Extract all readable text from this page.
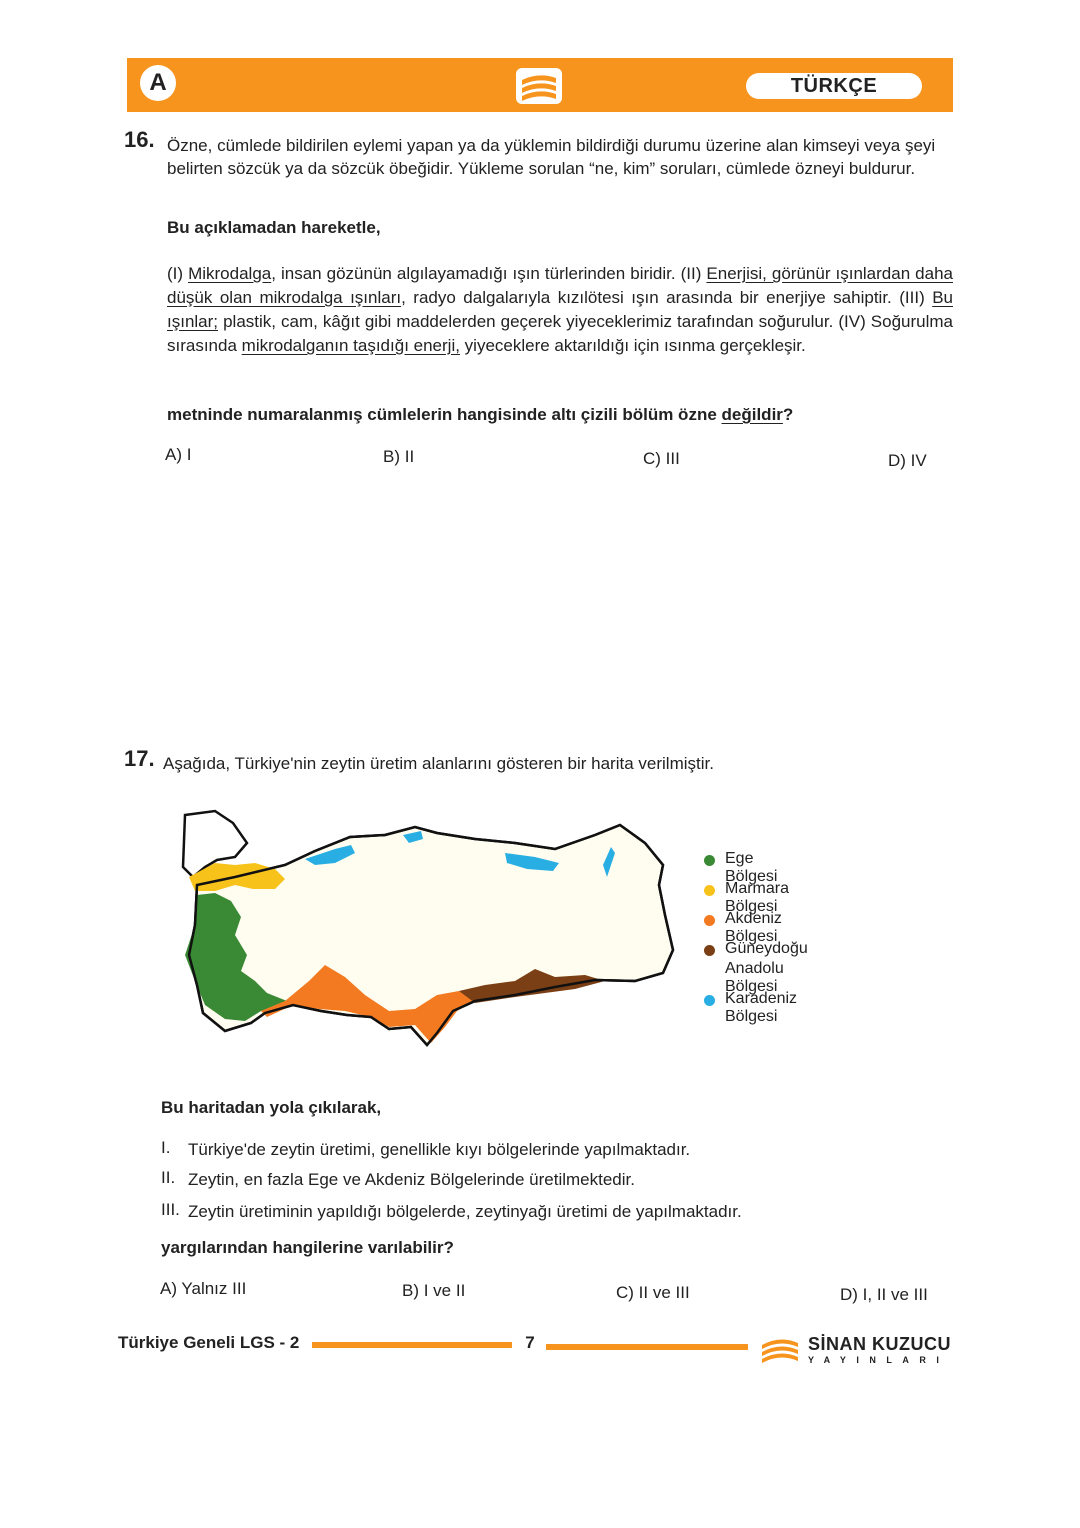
A	TÜRKÇE
16. Özne, cümlede bildirilen eylemi yapan ya da yüklemin bildirdiği durumu üzerine alan kimseyi veya şeyi belirten sözcük ya da sözcük öbeğidir. Yükleme sorulan “ne, kim” soruları, cümlede özneyi buldurur.
Bu açıklamadan hareketle,
(I) Mikrodalga, insan gözünün algılayamadığı ışın türlerinden biridir. (II) Enerjisi, görünür ışınlardan daha düşük olan mikrodalga ışınları, radyo dalgalarıyla kızılötesi ışın arasında bir enerjiye sahiptir. (III) Bu ışınlar; plastik, cam, kâğıt gibi maddelerden geçerek yiyeceklerimiz tarafından soğurulur. (IV) Soğurulma sırasında mikrodalganın taşıdığı enerji, yiyeceklere aktarıldığı için ısınma gerçekleşir.
metninde numaralanmış cümlelerin hangisinde altı çizili bölüm özne değildir?
A) I	B) II	C) III	D) IV
17. Aşağıda, Türkiye'nin zeytin üretim alanlarını gösteren bir harita verilmiştir.
Ege Bölgesi
Marmara Bölgesi
Akdeniz Bölgesi
Güneydoğu
Anadolu Bölgesi
Karadeniz Bölgesi
Bu haritadan yola çıkılarak,
I. Türkiye'de zeytin üretimi, genellikle kıyı bölgelerinde yapılmaktadır.
II. Zeytin, en fazla Ege ve Akdeniz Bölgelerinde üretilmektedir.
III. Zeytin üretiminin yapıldığı bölgelerde, zeytinyağı üretimi de yapılmaktadır.
yargılarından hangilerine varılabilir?
A) Yalnız III	B) I ve II	C) II ve III	D) I, II ve III
Türkiye Geneli LGS - 2	7	SİNAN KUZUCU
YAYINLARI
